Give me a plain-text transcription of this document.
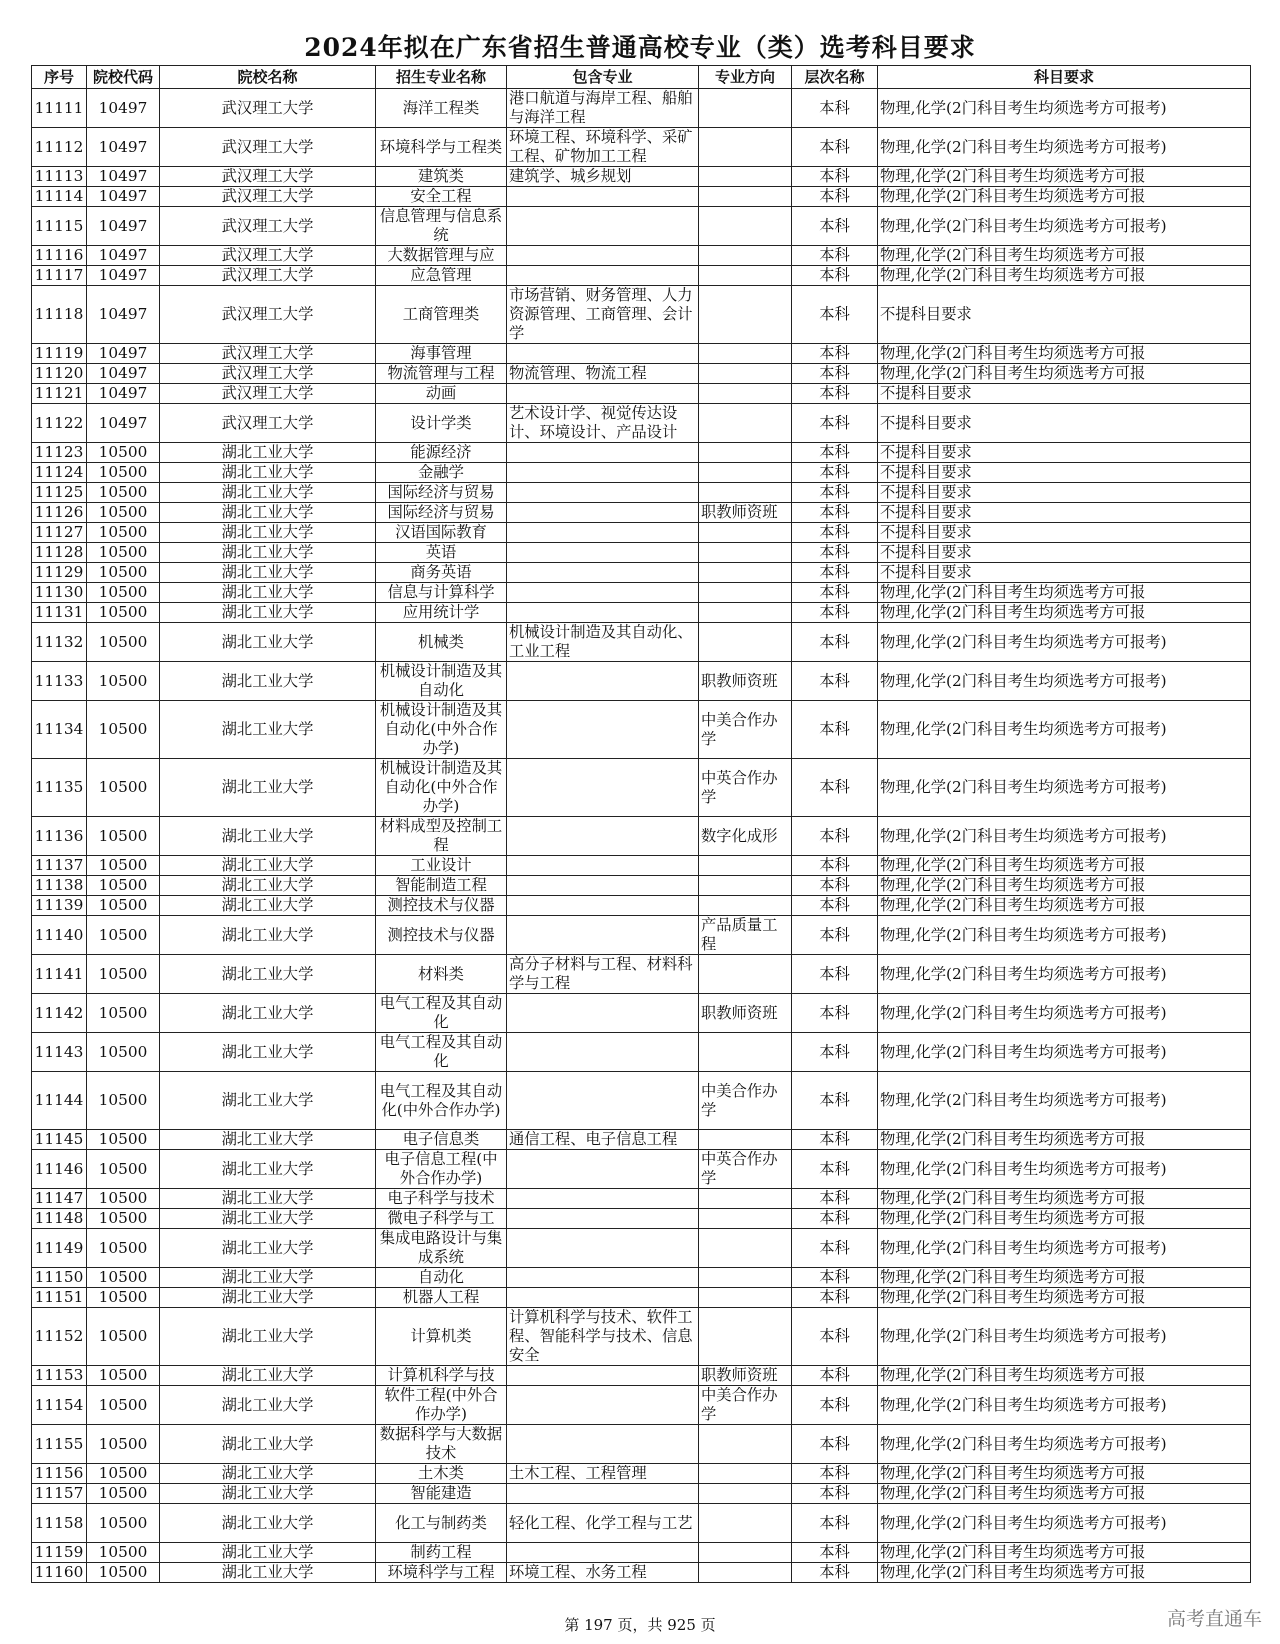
2024年拟在广东省招生普通高校专业（类）选考科目要求
序号	院校代码	院校名称	招生专业名称	包含专业	专业方向	层次名称	科目要求
11111	10497	武汉理工大学	海洋工程类	港口航道与海岸工程、船舶与海洋工程		本科	物理,化学(2门科目考生均须选考方可报考)
11112	10497	武汉理工大学	环境科学与工程类	环境工程、环境科学、采矿工程、矿物加工工程		本科	物理,化学(2门科目考生均须选考方可报考)
11113	10497	武汉理工大学	建筑类	建筑学、城乡规划		本科	物理,化学(2门科目考生均须选考方可报
11114	10497	武汉理工大学	安全工程			本科	物理,化学(2门科目考生均须选考方可报
11115	10497	武汉理工大学	信息管理与信息系统			本科	物理,化学(2门科目考生均须选考方可报考)
11116	10497	武汉理工大学	大数据管理与应			本科	物理,化学(2门科目考生均须选考方可报
11117	10497	武汉理工大学	应急管理			本科	物理,化学(2门科目考生均须选考方可报
11118	10497	武汉理工大学	工商管理类	市场营销、财务管理、人力资源管理、工商管理、会计学		本科	不提科目要求
11119	10497	武汉理工大学	海事管理			本科	物理,化学(2门科目考生均须选考方可报
11120	10497	武汉理工大学	物流管理与工程	物流管理、物流工程		本科	物理,化学(2门科目考生均须选考方可报
11121	10497	武汉理工大学	动画			本科	不提科目要求
11122	10497	武汉理工大学	设计学类	艺术设计学、视觉传达设计、环境设计、产品设计		本科	不提科目要求
11123	10500	湖北工业大学	能源经济			本科	不提科目要求
11124	10500	湖北工业大学	金融学			本科	不提科目要求
11125	10500	湖北工业大学	国际经济与贸易			本科	不提科目要求
11126	10500	湖北工业大学	国际经济与贸易		职教师资班	本科	不提科目要求
11127	10500	湖北工业大学	汉语国际教育			本科	不提科目要求
11128	10500	湖北工业大学	英语			本科	不提科目要求
11129	10500	湖北工业大学	商务英语			本科	不提科目要求
11130	10500	湖北工业大学	信息与计算科学			本科	物理,化学(2门科目考生均须选考方可报
11131	10500	湖北工业大学	应用统计学			本科	物理,化学(2门科目考生均须选考方可报
11132	10500	湖北工业大学	机械类	机械设计制造及其自动化、工业工程		本科	物理,化学(2门科目考生均须选考方可报考)
11133	10500	湖北工业大学	机械设计制造及其自动化		职教师资班	本科	物理,化学(2门科目考生均须选考方可报考)
11134	10500	湖北工业大学	机械设计制造及其自动化(中外合作办学)		中美合作办学	本科	物理,化学(2门科目考生均须选考方可报考)
11135	10500	湖北工业大学	机械设计制造及其自动化(中外合作办学)		中英合作办学	本科	物理,化学(2门科目考生均须选考方可报考)
11136	10500	湖北工业大学	材料成型及控制工程		数字化成形	本科	物理,化学(2门科目考生均须选考方可报考)
11137	10500	湖北工业大学	工业设计			本科	物理,化学(2门科目考生均须选考方可报
11138	10500	湖北工业大学	智能制造工程			本科	物理,化学(2门科目考生均须选考方可报
11139	10500	湖北工业大学	测控技术与仪器			本科	物理,化学(2门科目考生均须选考方可报
11140	10500	湖北工业大学	测控技术与仪器		产品质量工程	本科	物理,化学(2门科目考生均须选考方可报考)
11141	10500	湖北工业大学	材料类	高分子材料与工程、材料科学与工程		本科	物理,化学(2门科目考生均须选考方可报考)
11142	10500	湖北工业大学	电气工程及其自动化		职教师资班	本科	物理,化学(2门科目考生均须选考方可报考)
11143	10500	湖北工业大学	电气工程及其自动化			本科	物理,化学(2门科目考生均须选考方可报考)
11144	10500	湖北工业大学	电气工程及其自动化(中外合作办学)		中美合作办学	本科	物理,化学(2门科目考生均须选考方可报考)
11145	10500	湖北工业大学	电子信息类	通信工程、电子信息工程		本科	物理,化学(2门科目考生均须选考方可报
11146	10500	湖北工业大学	电子信息工程(中外合作办学)		中英合作办学	本科	物理,化学(2门科目考生均须选考方可报考)
11147	10500	湖北工业大学	电子科学与技术			本科	物理,化学(2门科目考生均须选考方可报
11148	10500	湖北工业大学	微电子科学与工			本科	物理,化学(2门科目考生均须选考方可报
11149	10500	湖北工业大学	集成电路设计与集成系统			本科	物理,化学(2门科目考生均须选考方可报考)
11150	10500	湖北工业大学	自动化			本科	物理,化学(2门科目考生均须选考方可报
11151	10500	湖北工业大学	机器人工程			本科	物理,化学(2门科目考生均须选考方可报
11152	10500	湖北工业大学	计算机类	计算机科学与技术、软件工程、智能科学与技术、信息安全		本科	物理,化学(2门科目考生均须选考方可报考)
11153	10500	湖北工业大学	计算机科学与技		职教师资班	本科	物理,化学(2门科目考生均须选考方可报
11154	10500	湖北工业大学	软件工程(中外合作办学)		中美合作办学	本科	物理,化学(2门科目考生均须选考方可报考)
11155	10500	湖北工业大学	数据科学与大数据技术			本科	物理,化学(2门科目考生均须选考方可报考)
11156	10500	湖北工业大学	土木类	土木工程、工程管理		本科	物理,化学(2门科目考生均须选考方可报
11157	10500	湖北工业大学	智能建造			本科	物理,化学(2门科目考生均须选考方可报
11158	10500	湖北工业大学	化工与制药类	轻化工程、化学工程与工艺		本科	物理,化学(2门科目考生均须选考方可报考)
11159	10500	湖北工业大学	制药工程			本科	物理,化学(2门科目考生均须选考方可报
11160	10500	湖北工业大学	环境科学与工程	环境工程、水务工程		本科	物理,化学(2门科目考生均须选考方可报
第 197 页，共 925 页	高考直通车
